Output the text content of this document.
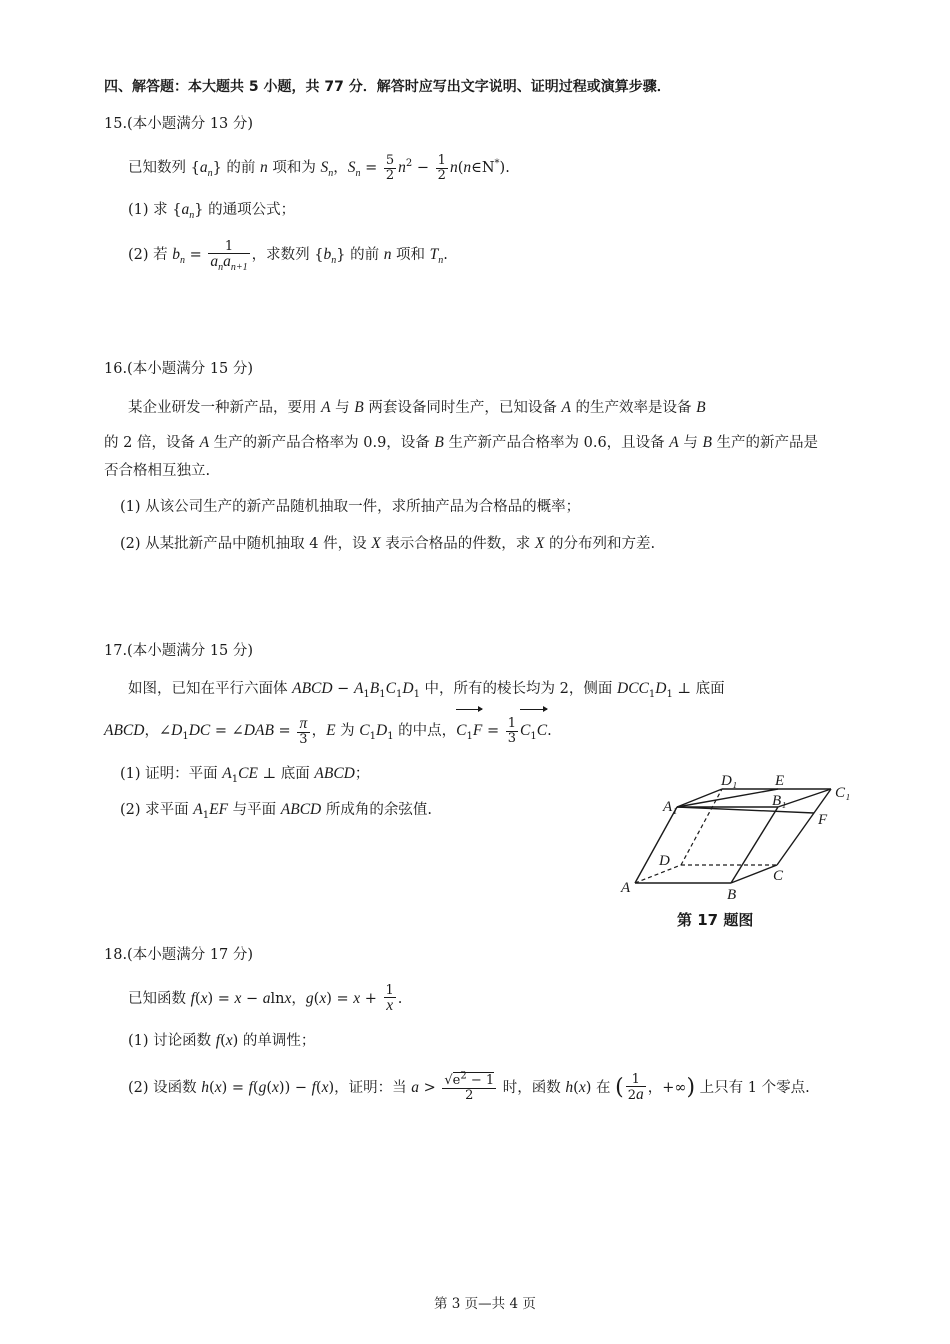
四、解答题：本大题共 5 小题，共 77 分．解答时应写出文字说明、证明过程或演算步骤．
15.(本小题满分 13 分)
已知数列 $\{a_n\}$ 的前 n 项和为 $S_n$，$S_n = \frac{5}{2} n^2 - \frac{1}{2}$ n(n∈N*).
(1) 求 $\{a_n\}$ 的通项公式；
(2) 若 $b_n = \frac{1}{a_na_{n+1}}$ ，求数列 $\{b_n\}$ 的前 n 项和 $T_n$.
16.(本小题满分 15 分)
某企业研发一种新产品，要用 A 与 B 两套设备同时生产，已知设备 A 的生产效率是设备 B
的 2 倍，设备 A 生产的新产品合格率为 0.9，设备 B 生产新产品合格率为 0.6，且设备 A 与 B 生产的新产品是
否合格相互独立.
(1) 从该公司生产的新产品随机抽取一件，求所抽产品为合格品的概率；
(2) 从某批新产品中随机抽取 4 件，设 X 表示合格品的件数，求 X 的分布列和方差.
17.(本小题满分 15 分)
如图，已知在平行六面体 ABCD − $A_1B_1C_1D_1$ 中，所有的棱长均为 2，侧面 $DCC_1D_1$ ⊥ 底面
ABCD，$\angle D_1DC$ = ∠DAB = $\frac{\pi}{3}$ ，E 为 $C_1D_1$ 的中点，$C_1F = \frac{1}{3} C_1C$.
(1) 证明：平面 $A_1CE$ ⊥ 底面 ABCD；
(2) 求平面 $A_1EF$ 与平面 ABCD 所成角的余弦值.
A	B
C
D
A₁	B₁	C₁
D₁	E
F
第 17 题图
18.(本小题满分 17 分)
已知函数 f(x) = x − alnx，$g(x) = x + \frac{1}{x}$ .
(1) 讨论函数 f(x) 的单调性；
(2) 设函数 h(x) = f(g(x)) − f(x)，证明：当 $a > \frac{√e^2 - 1}{2}$ 时，函数 h(x) 在 ( $\frac{1}{2a}$ ，+∞) 上只有 1 个零点.
第 3 页—共 4 页
